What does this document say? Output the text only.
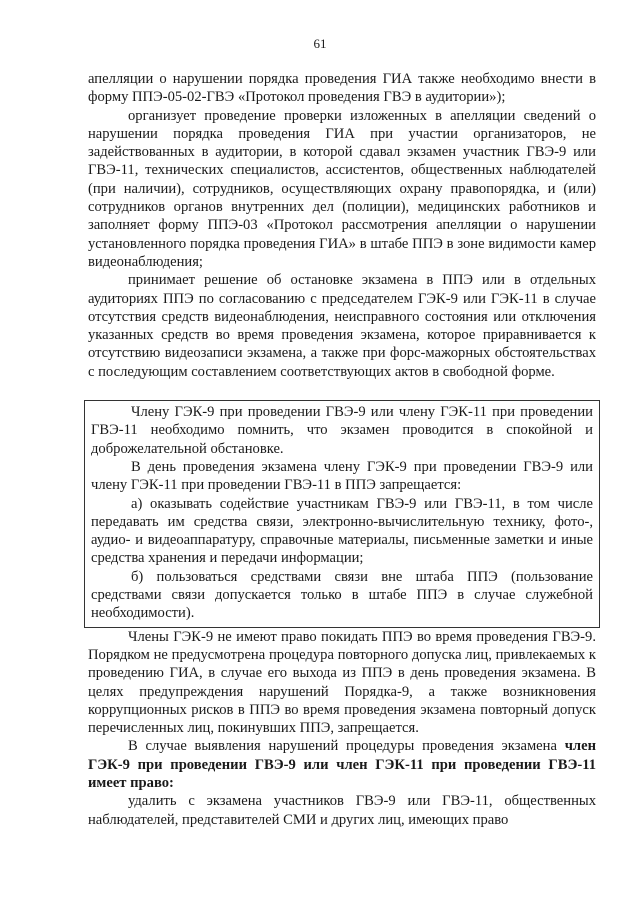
61

апелляции о нарушении порядка проведения ГИА также необходимо внести в форму ППЭ-05-02-ГВЭ «Протокол проведения ГВЭ в аудитории»);

организует проведение проверки изложенных в апелляции сведений о нарушении порядка проведения ГИА при участии организаторов, не задействованных в аудитории, в которой сдавал экзамен участник ГВЭ-9 или ГВЭ-11, технических специалистов, ассистентов, общественных наблюдателей (при наличии), сотрудников, осуществляющих охрану правопорядка, и (или) сотрудников органов внутренних дел (полиции), медицинских работников и заполняет форму ППЭ-03 «Протокол рассмотрения апелляции о нарушении установленного порядка проведения ГИА» в штабе ППЭ в зоне видимости камер видеонаблюдения;

принимает решение об остановке экзамена в ППЭ или в отдельных аудиториях ППЭ по согласованию с председателем ГЭК-9 или ГЭК-11 в случае отсутствия средств видеонаблюдения, неисправного состояния или отключения указанных средств во время проведения экзамена, которое приравнивается к отсутствию видеозаписи экзамена, а также при форс-мажорных обстоятельствах с последующим составлением соответствующих актов в свободной форме.

Члену ГЭК-9 при проведении ГВЭ-9 или члену ГЭК-11 при проведении ГВЭ-11 необходимо помнить, что экзамен проводится в спокойной и доброжелательной обстановке.

В день проведения экзамена члену ГЭК-9 при проведении ГВЭ-9 или члену ГЭК-11 при проведении ГВЭ-11 в ППЭ запрещается:

а) оказывать содействие участникам ГВЭ-9 или ГВЭ-11, в том числе передавать им средства связи, электронно-вычислительную технику, фото-, аудио- и видеоаппаратуру, справочные материалы, письменные заметки и иные средства хранения и передачи информации;

б) пользоваться средствами связи вне штаба ППЭ (пользование средствами связи допускается только в штабе ППЭ в случае служебной необходимости).

Члены ГЭК-9 не имеют право покидать ППЭ во время проведения ГВЭ-9. Порядком не предусмотрена процедура повторного допуска лиц, привлекаемых к проведению ГИА, в случае его выхода из ППЭ в день проведения экзамена. В целях предупреждения нарушений Порядка-9, а также возникновения коррупционных рисков в ППЭ во время проведения экзамена повторный допуск перечисленных лиц, покинувших ППЭ, запрещается.

В случае выявления нарушений процедуры проведения экзамена член ГЭК-9 при проведении ГВЭ-9 или член ГЭК-11 при проведении ГВЭ-11 имеет право:

удалить с экзамена участников ГВЭ-9 или ГВЭ-11, общественных наблюдателей, представителей СМИ и других лиц, имеющих право
